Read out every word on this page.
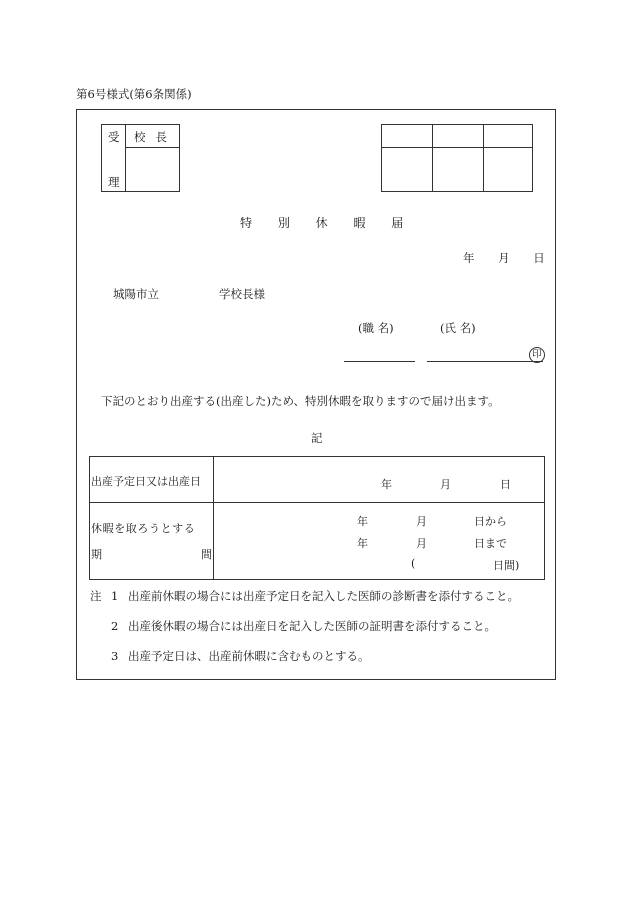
第6号様式(第6条関係)
受
理
校長
特 別 休 暇 届
年 月 日
城陽市立	学校長様
(職 名)	(氏 名)
印
下記のとおり出産する(出産した)ため、特別休暇を取りますので届け出ます。
記
出産予定日又は出産日	年	月	日
休暇を取ろうとする
期	間
年	月	日から
年	月	日まで
(	日間)
注 1 出産前休暇の場合には出産予定日を記入した医師の診断書を添付すること。
2 出産後休暇の場合には出産日を記入した医師の証明書を添付すること。
3 出産予定日は、出産前休暇に含むものとする。
